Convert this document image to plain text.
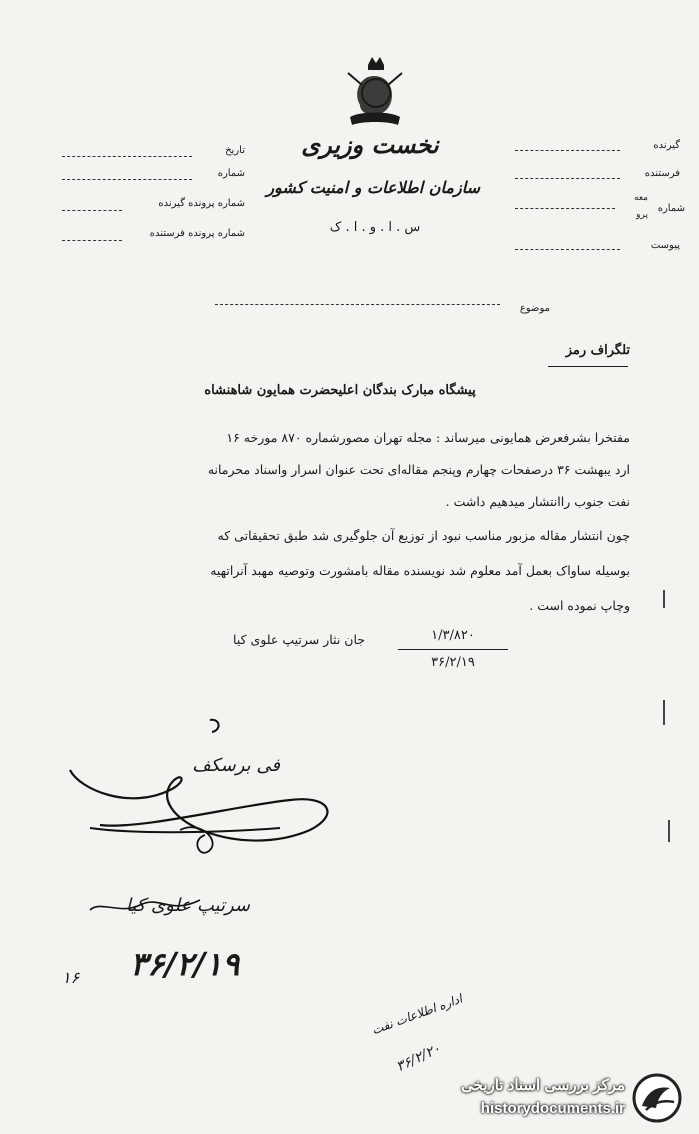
نخست وزیری
سازمان اطلاعات و امنیت کشور
س . ا . و . ا . ک
تاریخ
شماره
شماره پرونده گیرنده
شماره پرونده فرستنده
گیرنده
فرستنده
شماره
معه
پرو
پیوست
موضوع
تلگراف رمز
پیشگاه مبارک بندگان اعلیحضرت همایون شاهنشاه
مفتخرا بشرفعرض همایونی میرساند : مجله تهران مصورشماره ۸۷۰ مورخه ۱۶
ارد یبهشت ۳۶ درصفحات چهارم وپنجم مقاله‌ای تحت عنوان اسرار واسناد محرمانه
نفت جنوب راانتشار میدهیم داشت .
چون انتشار مقاله مزبور مناسب نبود از توزیع آن جلوگیری شد طبق تحقیقاتی که
بوسیله ساواک بعمل آمد معلوم شد نویسنده مقاله بامشورت وتوصیه مهبد آنراتهیه
وچاپ نموده است .
جان نثار سرتیپ علوی کیا	۱/۳/۸۲۰
۳۶/۲/۱۹
فی برسکف
سرتیپ علوی کیا
۳۶/۲/۱۹
۱۶
اداره اطلاعات نفت
۳۶/۲/۲۰
مرکز بررسی اسناد تاریخی
historydocuments.ir
